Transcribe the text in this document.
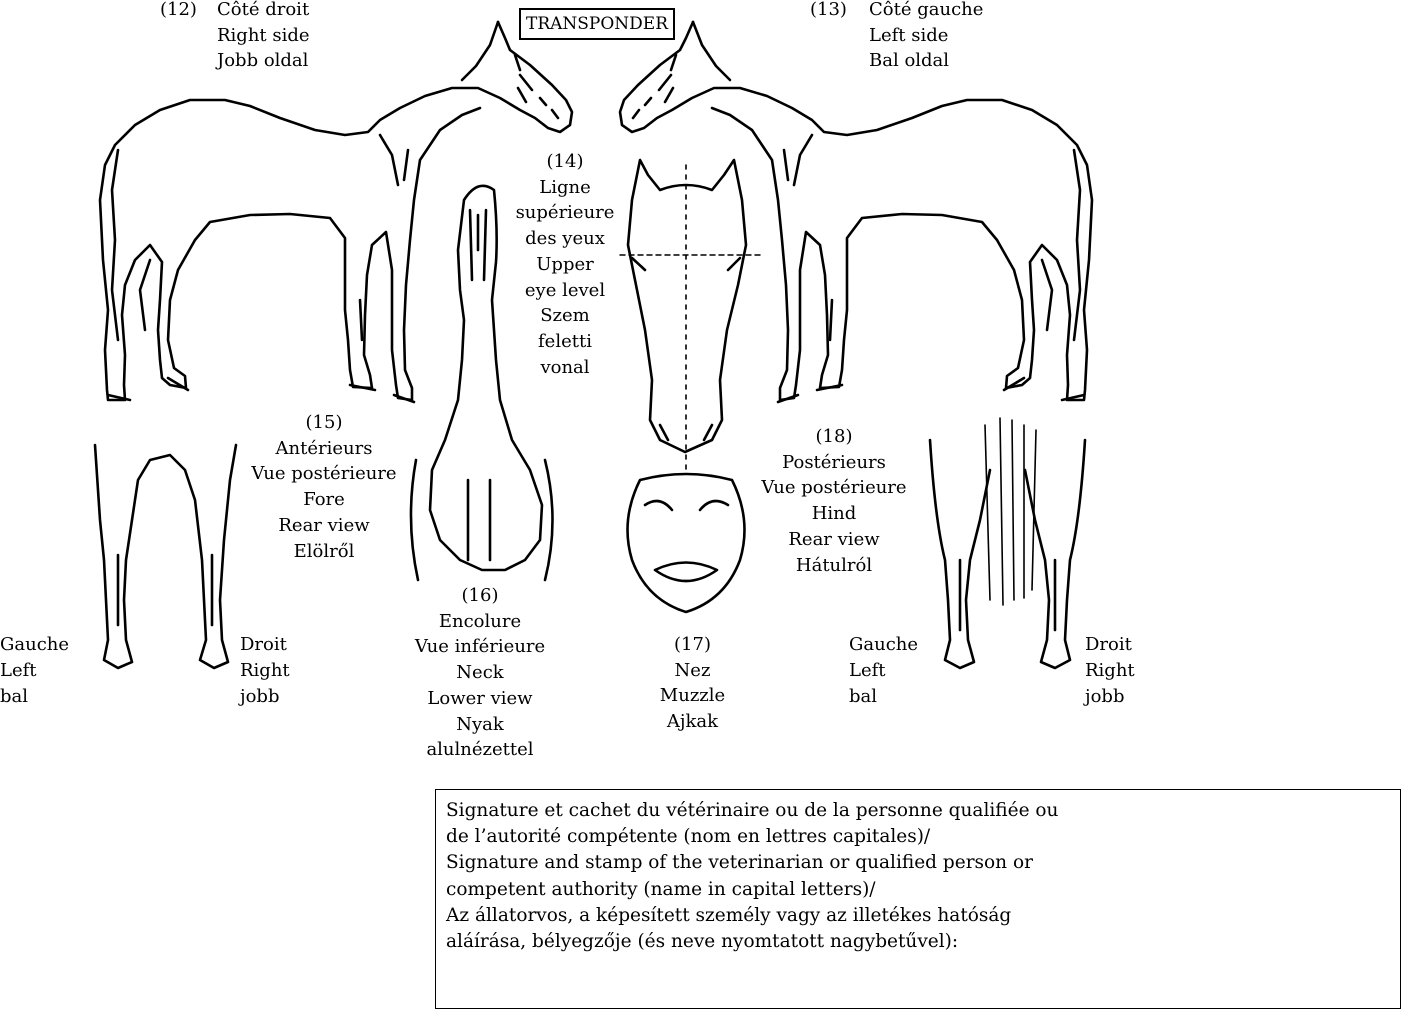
TRANSPONDER
(12) Côté droit
Right side
Jobb oldal
(13) Côté gauche
Left side
Bal oldal
(14)
Ligne
supérieure
des yeux
Upper
eye level
Szem
feletti
vonal
(15)
Antérieurs
Vue postérieure
Fore
Rear view
Elölről
(16)
Encolure
Vue inférieure
Neck
Lower view
Nyak
alulnézettel
(17)
Nez
Muzzle
Ajkak
(18)
Postérieurs
Vue postérieure
Hind
Rear view
Hátulról
Gauche
Left
bal
Droit
Right
jobb
Gauche
Left
bal
Droit
Right
jobb
Signature et cachet du vétérinaire ou de la personne qualifiée ou
de l’autorité compétente (nom en lettres capitales)/
Signature and stamp of the veterinarian or qualified person or
competent authority (name in capital letters)/
Az állatorvos, a képesített személy vagy az illetékes hatóság
aláírása, bélyegzője (és neve nyomtatott nagybetűvel):
